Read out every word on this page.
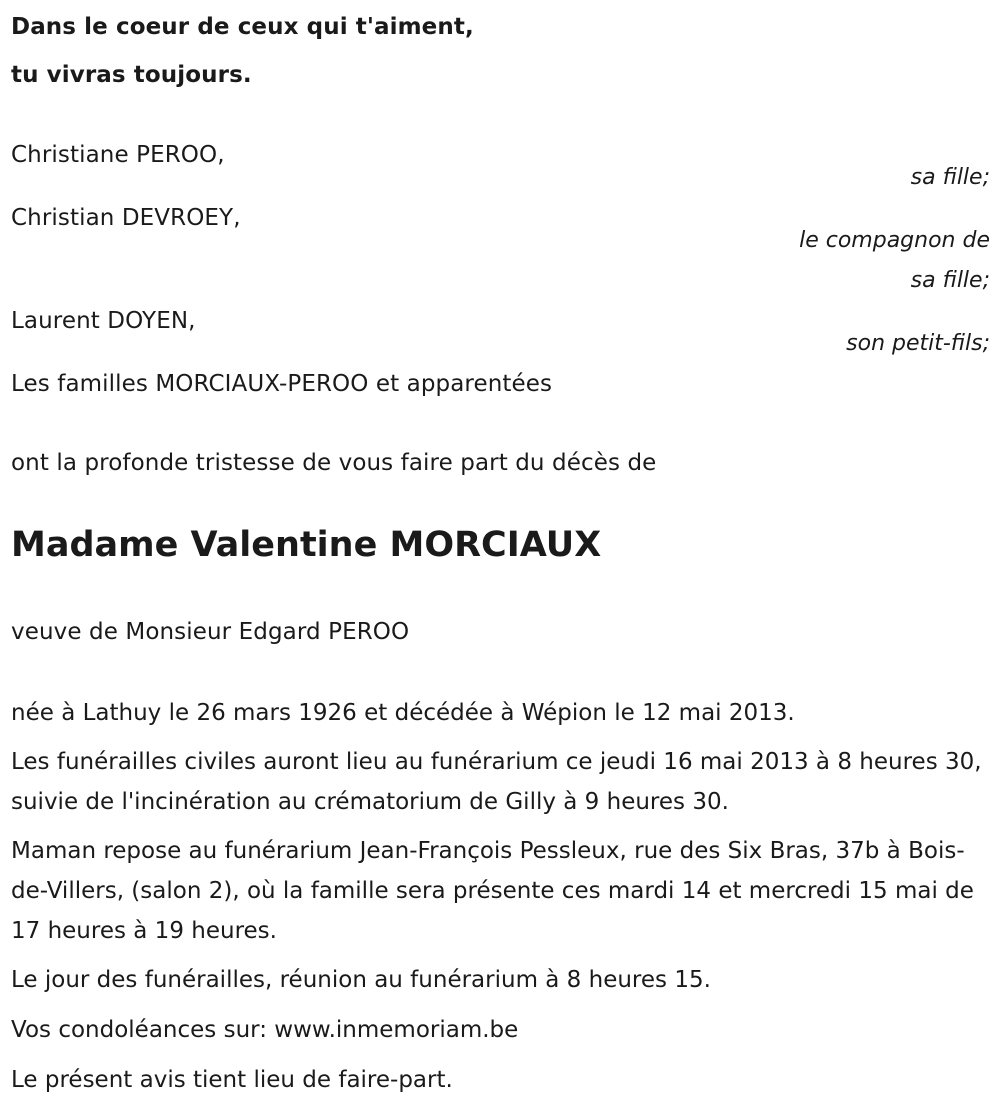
Dans le coeur de ceux qui t'aiment,
tu vivras toujours.
Christiane PEROO,
sa fille;
Christian DEVROEY,
le compagnon de
sa fille;
Laurent DOYEN,
son petit-fils;
Les familles MORCIAUX-PEROO et apparentées
ont la profonde tristesse de vous faire part du décès de
Madame Valentine MORCIAUX
veuve de Monsieur Edgard PEROO
née à Lathuy le 26 mars 1926 et décédée à Wépion le 12 mai 2013.
Les funérailles civiles auront lieu au funérarium ce jeudi 16 mai 2013 à 8 heures 30, suivie de l'incinération au crématorium de Gilly à 9 heures 30.
Maman repose au funérarium Jean-François Pessleux, rue des Six Bras, 37b à Bois-de-Villers, (salon 2), où la famille sera présente ces mardi 14 et mercredi 15 mai de 17 heures à 19 heures.
Le jour des funérailles, réunion au funérarium à 8 heures 15.
Vos condoléances sur: www.inmemoriam.be
Le présent avis tient lieu de faire-part.
